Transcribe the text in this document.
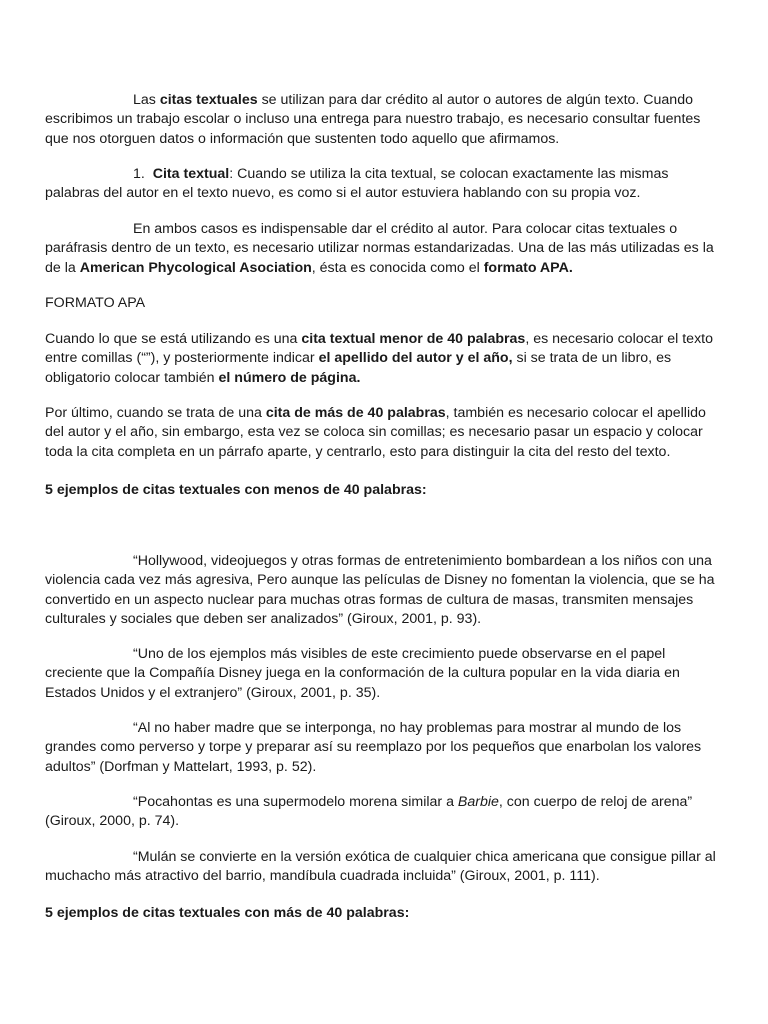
Las citas textuales se utilizan para dar crédito al autor o autores de algún texto. Cuando escribimos un trabajo escolar o incluso una entrega para nuestro trabajo, es necesario consultar fuentes que nos otorguen datos o información que sustenten todo aquello que afirmamos.

1. Cita textual: Cuando se utiliza la cita textual, se colocan exactamente las mismas palabras del autor en el texto nuevo, es como si el autor estuviera hablando con su propia voz.

En ambos casos es indispensable dar el crédito al autor. Para colocar citas textuales o paráfrasis dentro de un texto, es necesario utilizar normas estandarizadas. Una de las más utilizadas es la de la American Phycological Asociation, ésta es conocida como el formato APA.

FORMATO APA

Cuando lo que se está utilizando es una cita textual menor de 40 palabras, es necesario colocar el texto entre comillas (“”), y posteriormente indicar el apellido del autor y el año, si se trata de un libro, es obligatorio colocar también el número de página.

Por último, cuando se trata de una cita de más de 40 palabras, también es necesario colocar el apellido del autor y el año, sin embargo, esta vez se coloca sin comillas; es necesario pasar un espacio y colocar toda la cita completa en un párrafo aparte, y centrarlo, esto para distinguir la cita del resto del texto.

5 ejemplos de citas textuales con menos de 40 palabras:

“Hollywood, videojuegos y otras formas de entretenimiento bombardean a los niños con una violencia cada vez más agresiva, Pero aunque las películas de Disney no fomentan la violencia, que se ha convertido en un aspecto nuclear para muchas otras formas de cultura de masas, transmiten mensajes culturales y sociales que deben ser analizados” (Giroux, 2001, p. 93).

“Uno de los ejemplos más visibles de este crecimiento puede observarse en el papel creciente que la Compañía Disney juega en la conformación de la cultura popular en la vida diaria en Estados Unidos y el extranjero” (Giroux, 2001, p. 35).

“Al no haber madre que se interponga, no hay problemas para mostrar al mundo de los grandes como perverso y torpe y preparar así su reemplazo por los pequeños que enarbolan los valores adultos” (Dorfman y Mattelart, 1993, p. 52).

“Pocahontas es una supermodelo morena similar a Barbie, con cuerpo de reloj de arena” (Giroux, 2000, p. 74).

“Mulán se convierte en la versión exótica de cualquier chica americana que consigue pillar al muchacho más atractivo del barrio, mandíbula cuadrada incluida” (Giroux, 2001, p. 111).

5 ejemplos de citas textuales con más de 40 palabras:
